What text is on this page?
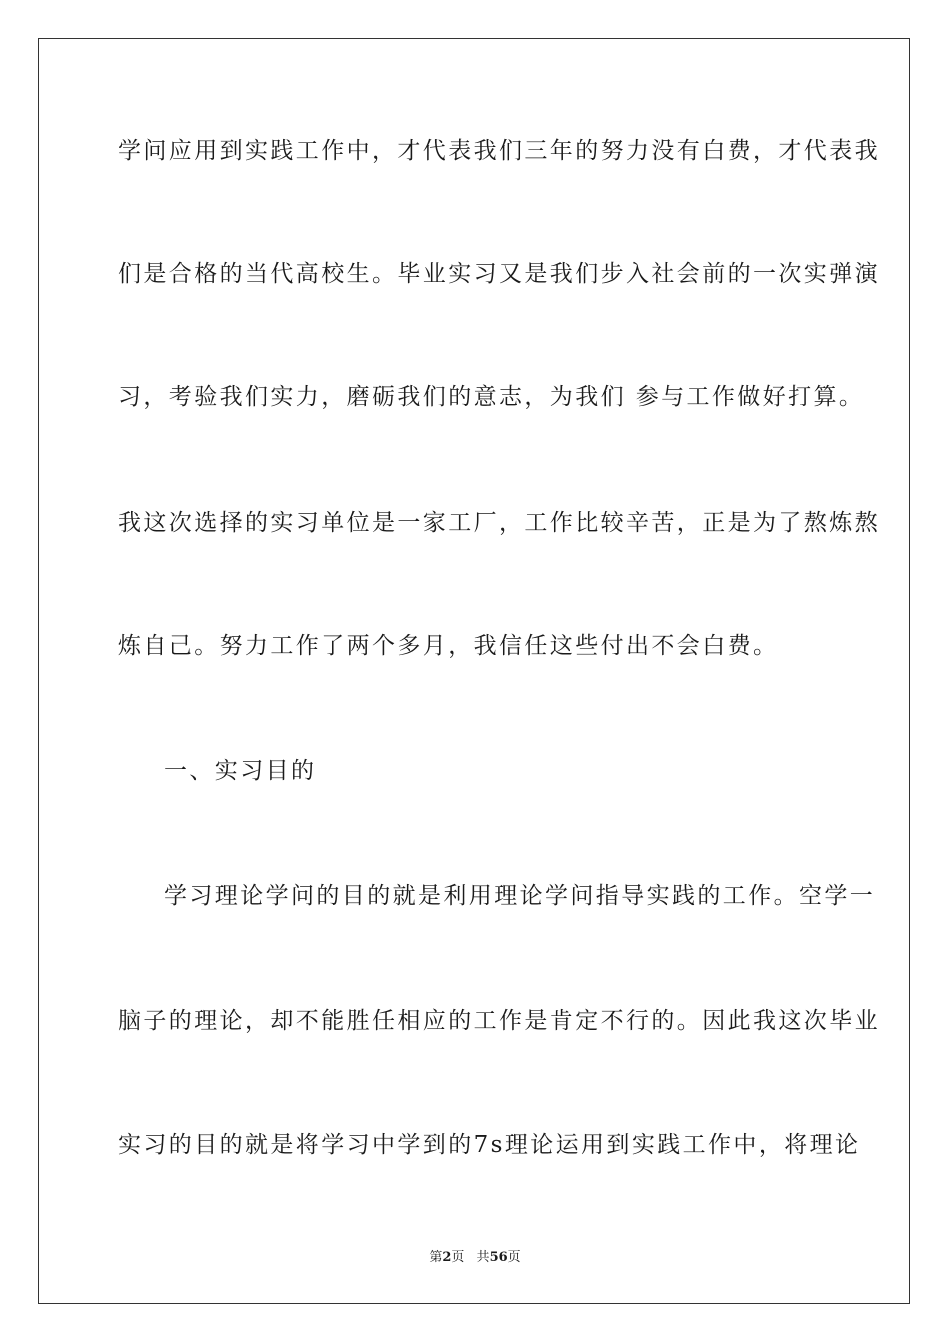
学问应用到实践工作中，才代表我们三年的努力没有白费，才代表我
们是合格的当代高校生。毕业实习又是我们步入社会前的一次实弹演
习，考验我们实力，磨砺我们的意志，为我们 参与工作做好打算。
我这次选择的实习单位是一家工厂，工作比较辛苦，正是为了熬炼熬
炼自己。努力工作了两个多月，我信任这些付出不会白费。
一、实习目的
学习理论学问的目的就是利用理论学问指导实践的工作。空学一
脑子的理论，却不能胜任相应的工作是肯定不行的。因此我这次毕业
实习的目的就是将学习中学到的7s理论运用到实践工作中，将理论
第2页 共56页
